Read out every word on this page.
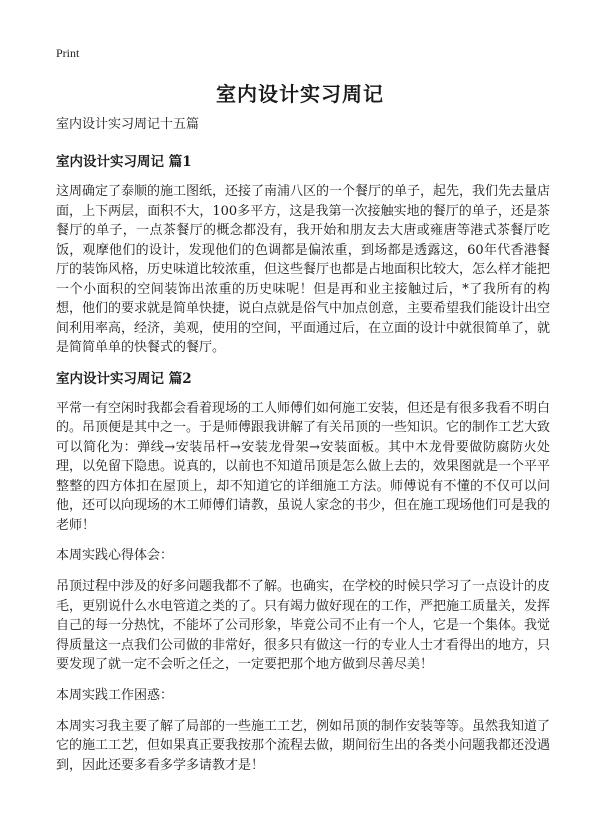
Print
室内设计实习周记

室内设计实习周记十五篇

室内设计实习周记 篇1

这周确定了泰顺的施工图纸，还接了南浦八区的一个餐厅的单子，起先，我们先去量店面，上下两层，面积不大，100多平方，这是我第一次接触实地的餐厅的单子，还是茶餐厅的单子，一点茶餐厅的概念都没有，我开始和朋友去大唐或雍唐等港式茶餐厅吃饭，观摩他们的设计，发现他们的色调都是偏浓重，到场都是透露这，60年代香港餐厅的装饰风格，历史味道比较浓重，但这些餐厅也都是占地面积比较大，怎么样才能把一个小面积的空间装饰出浓重的历史味呢！但是再和业主接触过后，*了我所有的构想，他们的要求就是简单快捷，说白点就是俗气中加点创意，主要希望我们能设计出空间利用率高，经济，美观，使用的空间，平面通过后，在立面的设计中就很简单了，就是简简单单的快餐式的餐厅。

室内设计实习周记 篇2

平常一有空闲时我都会看着现场的工人师傅们如何施工安装，但还是有很多我看不明白的。吊顶便是其中之一。于是师傅跟我讲解了有关吊顶的一些知识。它的制作工艺大致可以简化为：弹线→安装吊杆→安装龙骨架→安装面板。其中木龙骨要做防腐防火处理，以免留下隐患。说真的，以前也不知道吊顶是怎么做上去的，效果图就是一个平平整整的四方体扣在屋顶上，却不知道它的详细施工方法。师傅说有不懂的不仅可以问他，还可以向现场的木工师傅们请教，虽说人家念的书少，但在施工现场他们可是我的老师！

本周实践心得体会：

吊顶过程中涉及的好多问题我都不了解。也确实，在学校的时候只学习了一点设计的皮毛，更别说什么水电管道之类的了。只有竭力做好现在的工作，严把施工质量关，发挥自己的每一分热忱，不能坏了公司形象，毕竟公司不止有一个人，它是一个集体。我觉得质量这一点我们公司做的非常好，很多只有做这一行的专业人士才看得出的地方，只要发现了就一定不会听之任之，一定要把那个地方做到尽善尽美！

本周实践工作困惑：

本周实习我主要了解了局部的一些施工工艺，例如吊顶的制作安装等等。虽然我知道了它的施工工艺，但如果真正要我按那个流程去做，期间衍生出的各类小问题我都还没遇到，因此还要多看多学多请教才是！
